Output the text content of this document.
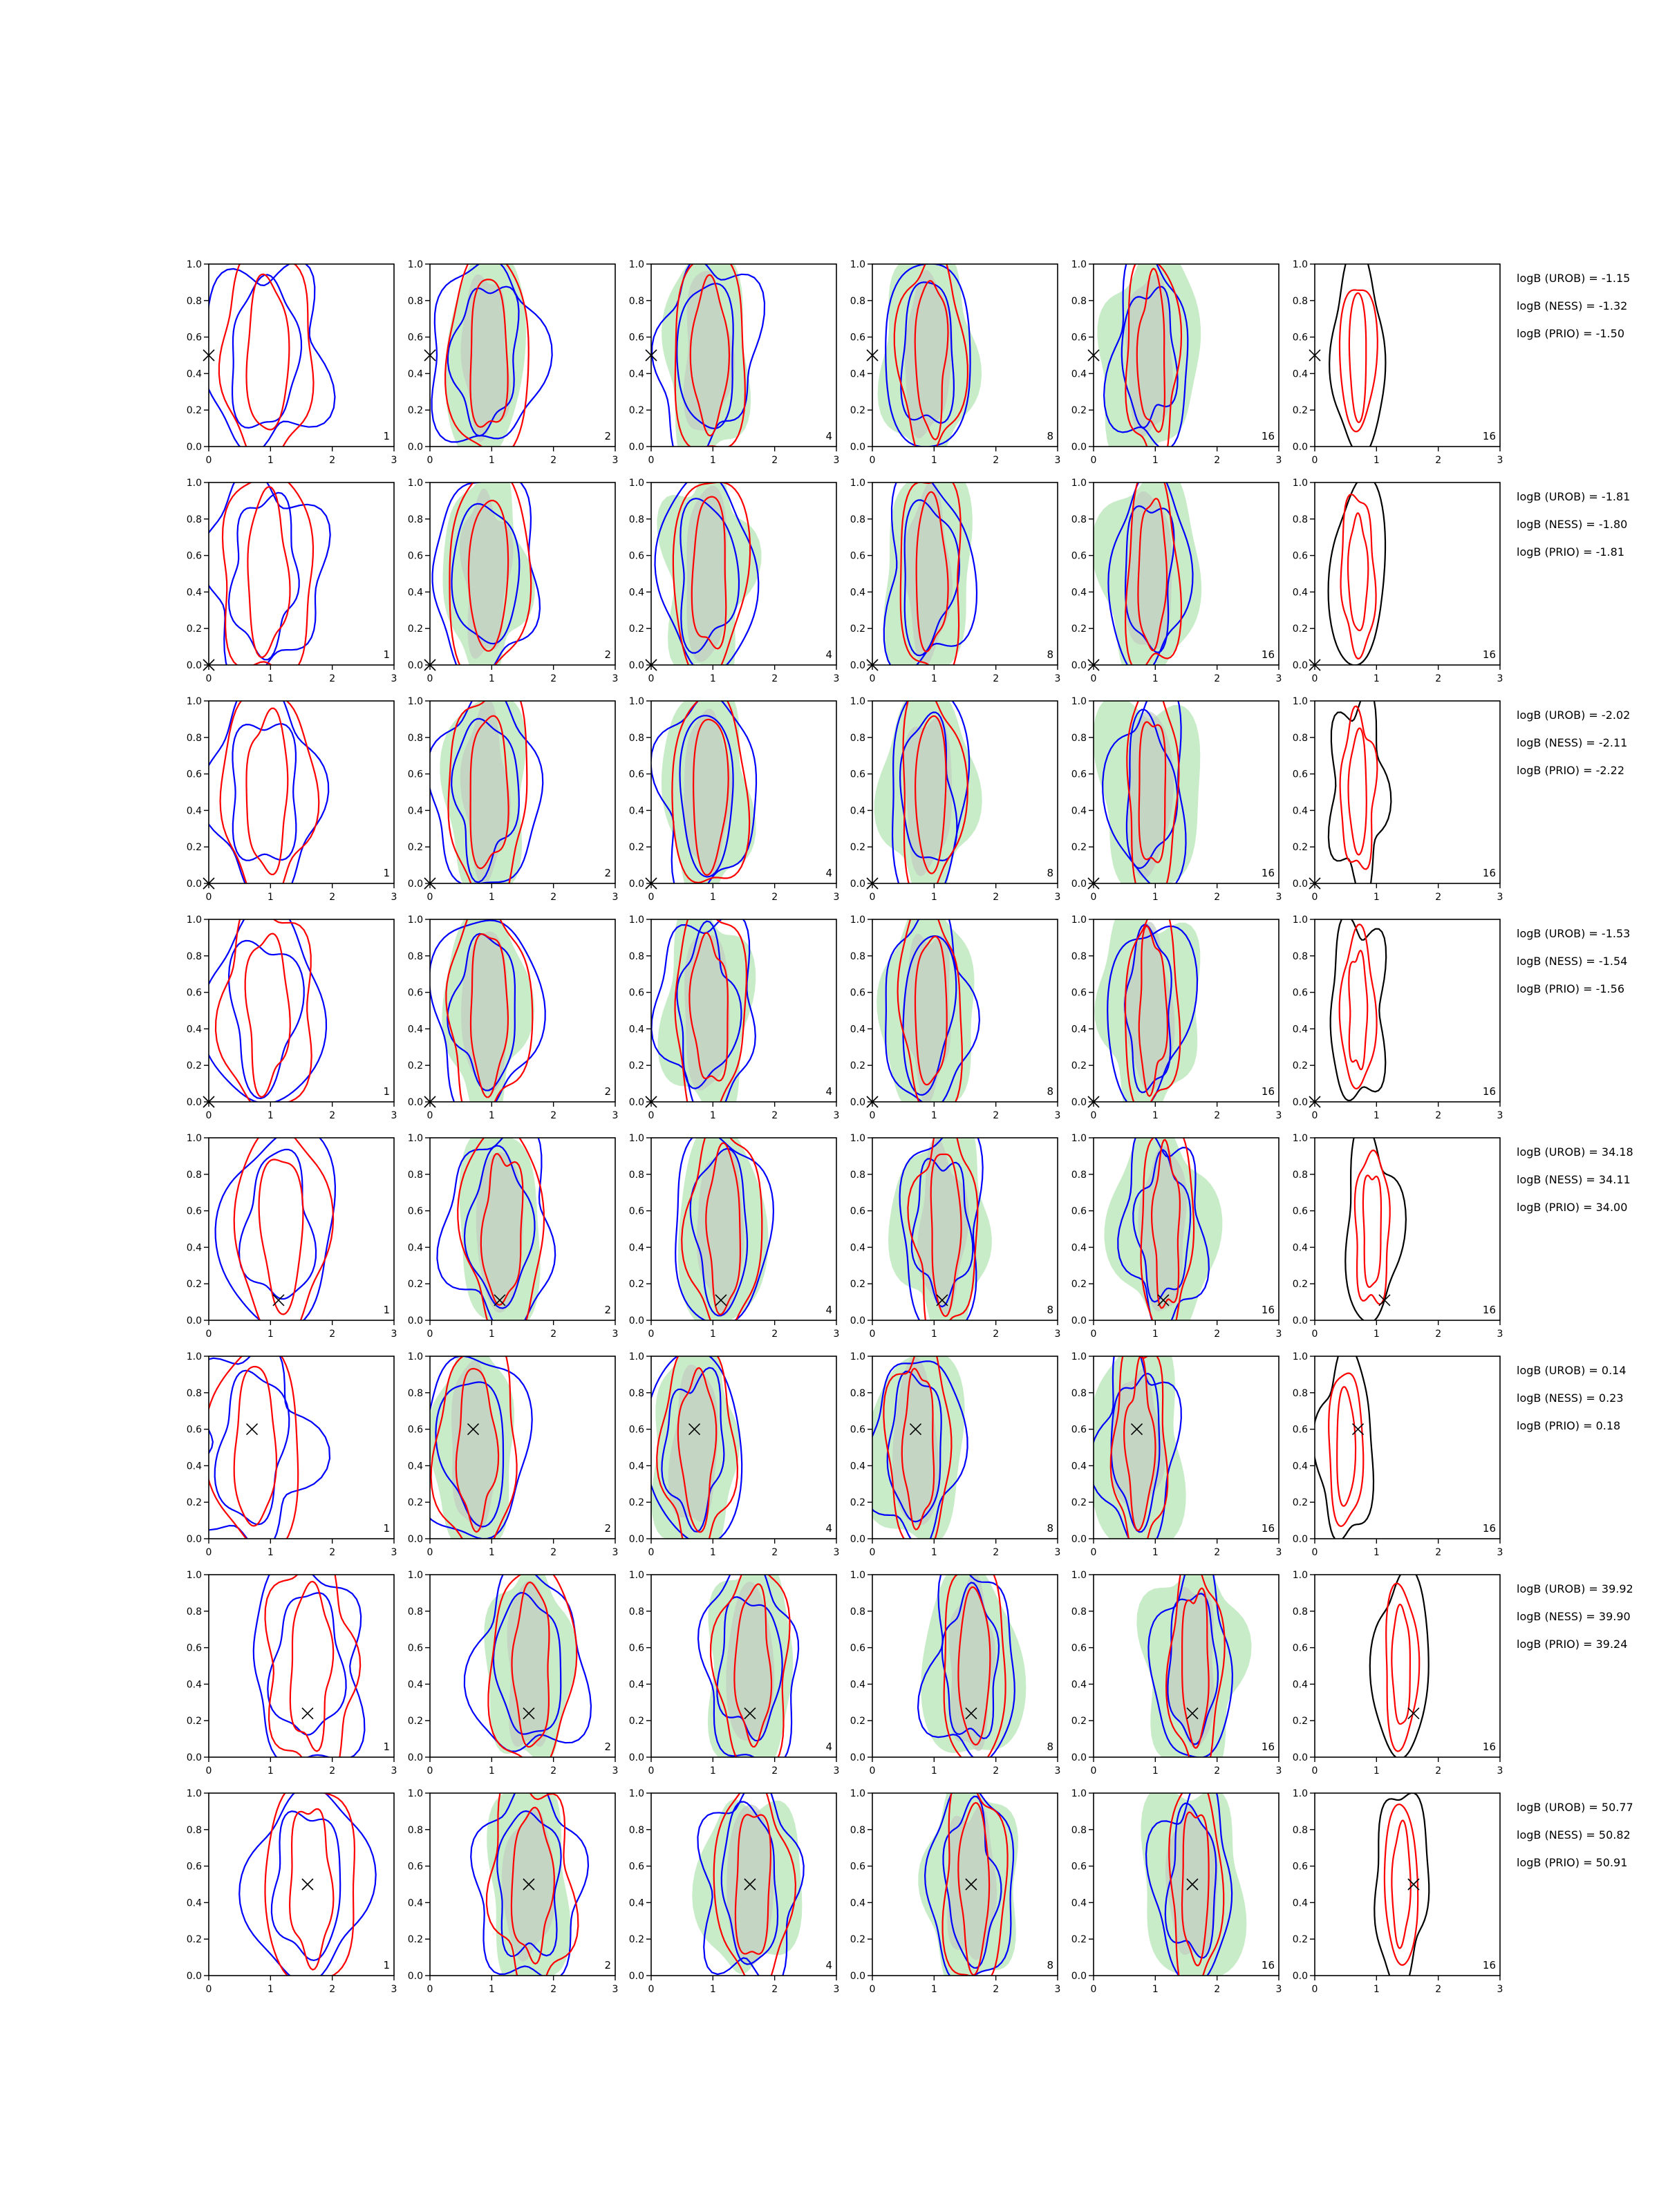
0	1	2	3
0.0
0.2
0.4
0.6
0.8
1.0
1
0	1	2	3
0.0
0.2
0.4
0.6
0.8
1.0
2
0	1	2	3
0.0
0.2
0.4
0.6
0.8
1.0
4
0	1	2	3
0.0
0.2
0.4
0.6
0.8
1.0
8
0	1	2	3
0.0
0.2
0.4
0.6
0.8
1.0
16
0	1	2	3
0.0
0.2
0.4
0.6
0.8
1.0
16
logB (UROB) = -1.15
logB (NESS) = -1.32
logB (PRIO) = -1.50
0	1	2	3
0.0
0.2
0.4
0.6
0.8
1.0
1
0	1	2	3
0.0
0.2
0.4
0.6
0.8
1.0
2
0	1	2	3
0.0
0.2
0.4
0.6
0.8
1.0
4
0	1	2	3
0.0
0.2
0.4
0.6
0.8
1.0
8
0	1	2	3
0.0
0.2
0.4
0.6
0.8
1.0
16
0	1	2	3
0.0
0.2
0.4
0.6
0.8
1.0
16
logB (UROB) = -1.81
logB (NESS) = -1.80
logB (PRIO) = -1.81
0	1	2	3
0.0
0.2
0.4
0.6
0.8
1.0
1
0	1	2	3
0.0
0.2
0.4
0.6
0.8
1.0
2
0	1	2	3
0.0
0.2
0.4
0.6
0.8
1.0
4
0	1	2	3
0.0
0.2
0.4
0.6
0.8
1.0
8
0	1	2	3
0.0
0.2
0.4
0.6
0.8
1.0
16
0	1	2	3
0.0
0.2
0.4
0.6
0.8
1.0
16
logB (UROB) = -2.02
logB (NESS) = -2.11
logB (PRIO) = -2.22
0	1	2	3
0.0
0.2
0.4
0.6
0.8
1.0
1
0	1	2	3
0.0
0.2
0.4
0.6
0.8
1.0
2
0	1	2	3
0.0
0.2
0.4
0.6
0.8
1.0
4
0	1	2	3
0.0
0.2
0.4
0.6
0.8
1.0
8
0	1	2	3
0.0
0.2
0.4
0.6
0.8
1.0
16
0	1	2	3
0.0
0.2
0.4
0.6
0.8
1.0
16
logB (UROB) = -1.53
logB (NESS) = -1.54
logB (PRIO) = -1.56
0	1	2	3
0.0
0.2
0.4
0.6
0.8
1.0
1
0	1	2	3
0.0
0.2
0.4
0.6
0.8
1.0
2
0	1	2	3
0.0
0.2
0.4
0.6
0.8
1.0
4
0	1	2	3
0.0
0.2
0.4
0.6
0.8
1.0
8
0	1	2	3
0.0
0.2
0.4
0.6
0.8
1.0
16
0	1	2	3
0.0
0.2
0.4
0.6
0.8
1.0
16
logB (UROB) = 34.18
logB (NESS) = 34.11
logB (PRIO) = 34.00
0	1	2	3
0.0
0.2
0.4
0.6
0.8
1.0
1
0	1	2	3
0.0
0.2
0.4
0.6
0.8
1.0
2
0	1	2	3
0.0
0.2
0.4
0.6
0.8
1.0
4
0	1	2	3
0.0
0.2
0.4
0.6
0.8
1.0
8
0	1	2	3
0.0
0.2
0.4
0.6
0.8
1.0
16
0	1	2	3
0.0
0.2
0.4
0.6
0.8
1.0
16
logB (UROB) = 0.14
logB (NESS) = 0.23
logB (PRIO) = 0.18
0	1	2	3
0.0
0.2
0.4
0.6
0.8
1.0
1
0	1	2	3
0.0
0.2
0.4
0.6
0.8
1.0
2
0	1	2	3
0.0
0.2
0.4
0.6
0.8
1.0
4
0	1	2	3
0.0
0.2
0.4
0.6
0.8
1.0
8
0	1	2	3
0.0
0.2
0.4
0.6
0.8
1.0
16
0	1	2	3
0.0
0.2
0.4
0.6
0.8
1.0
16
logB (UROB) = 39.92
logB (NESS) = 39.90
logB (PRIO) = 39.24
0	1	2	3
0.0
0.2
0.4
0.6
0.8
1.0
1
0	1	2	3
0.0
0.2
0.4
0.6
0.8
1.0
2
0	1	2	3
0.0
0.2
0.4
0.6
0.8
1.0
4
0	1	2	3
0.0
0.2
0.4
0.6
0.8
1.0
8
0	1	2	3
0.0
0.2
0.4
0.6
0.8
1.0
16
0	1	2	3
0.0
0.2
0.4
0.6
0.8
1.0
16
logB (UROB) = 50.77
logB (NESS) = 50.82
logB (PRIO) = 50.91
